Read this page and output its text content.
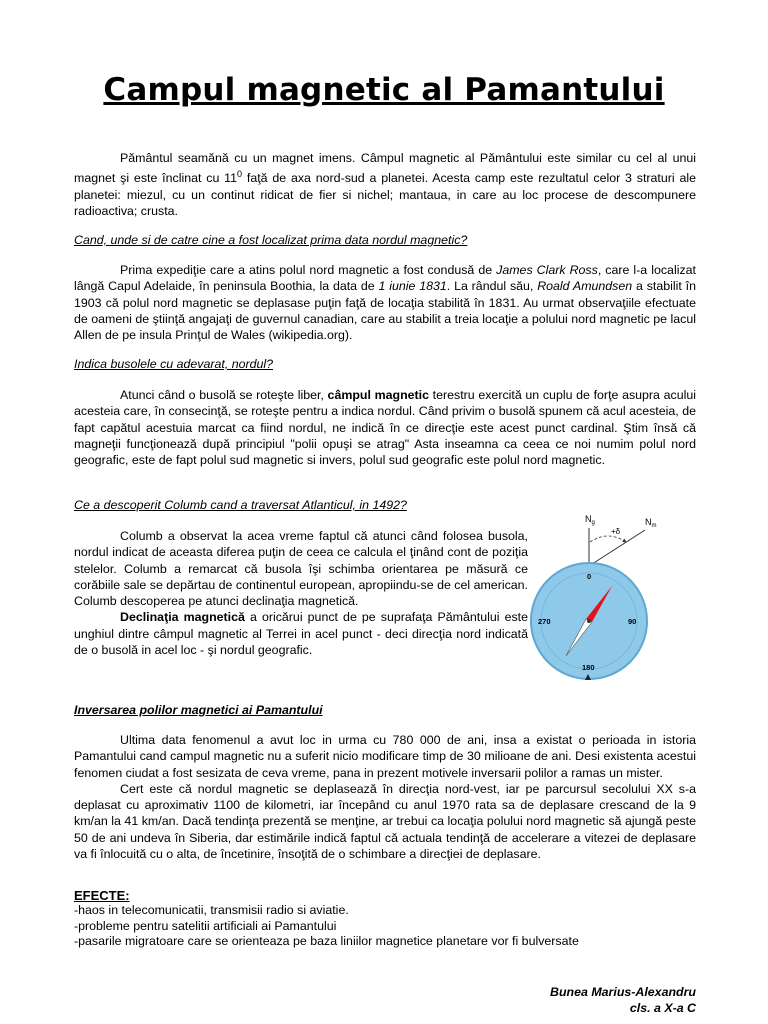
Campul magnetic al Pamantului
Pământul seamănă cu un magnet imens. Câmpul magnetic al Pământului este similar cu cel al unui magnet şi este înclinat cu $11^0$ faţă de axa nord-sud a planetei. Acesta camp este rezultatul celor 3 straturi ale planetei: miezul, cu un continut ridicat de fier si nichel; mantaua, in care au loc procese de descompunere radioactiva; crusta.
Cand, unde si de catre cine a fost localizat prima data nordul magnetic?
Prima expediţie care a atins polul nord magnetic a fost condusă de James Clark Ross, care l-a localizat lângă Capul Adelaide, în peninsula Boothia, la data de 1 iunie 1831. La rândul său, Roald Amundsen a stabilit în 1903 că polul nord magnetic se deplasase puţin faţă de locaţia stabilită în 1831. Au urmat observaţiile efectuate de oameni de ştiinţă angajaţi de guvernul canadian, care au stabilit a treia locaţie a polului nord magnetic pe lacul Allen de pe insula Prinţul de Wales (wikipedia.org).
Indica busolele cu adevarat, nordul?
Atunci când o busolă se roteşte liber, câmpul magnetic terestru exercită un cuplu de forţe asupra acului acesteia care, în consecinţă, se roteşte pentru a indica nordul. Când privim o busolă spunem că acul acesteia, de fapt capătul acestuia marcat ca fiind nordul, ne indică în ce direcţie este acest punct cardinal. Ştim însă că magneţii funcţionează după principiul "polii opuşi se atrag" Asta inseamna ca ceea ce noi numim polul nord geografic, este de fapt polul sud magnetic si invers, polul sud geografic este polul nord magnetic.
Ce a descoperit Columb cand a traversat Atlanticul, in 1492?
Columb a observat la acea vreme faptul că atunci când folosea busola, nordul indicat de aceasta diferea puţin de ceea ce calcula el ţinând cont de poziţia stelelor. Columb a remarcat că busola îşi schimba orientarea pe măsură ce corăbiile sale se depărtau de continentul european, apropiindu-se de cel american. Columb descoperea pe atunci declinaţia magnetică.
Declinaţia magnetică a oricărui punct de pe suprafaţa Pământului este unghiul dintre câmpul magnetic al Terrei in acel punct - deci direcţia nord indicată de o busolă in acel loc - şi nordul geografic.
$N_g$	$N_m$
+δ
0
90
180
270
Inversarea polilor magnetici ai Pamantului
Ultima data fenomenul a avut loc in urma cu 780 000 de ani, insa a existat o perioada in istoria Pamantului cand campul magnetic nu a suferit nicio modificare timp de 30 milioane de ani. Desi existenta acestui fenomen ciudat a fost sesizata de ceva vreme, pana in prezent motivele inversarii polilor a ramas un mister.
Cert este că nordul magnetic se deplasează în direcţia nord-vest, iar pe parcursul secolului XX s-a deplasat cu aproximativ 1100 de kilometri, iar începând cu anul 1970 rata sa de deplasare crescand de la 9 km/an la 41 km/an. Dacă tendinţa prezentă se menţine, ar trebui ca locaţia polului nord magnetic să ajungă peste 50 de ani undeva în Siberia, dar estimările indică faptul că actuala tendinţă de accelerare a vitezei de deplasare va fi înlocuită cu o alta, de încetinire, însoţită de o schimbare a direcţiei de deplasare.
EFECTE:
-haos in telecomunicatii, transmisii radio si aviatie.
-probleme pentru satelitii artificiali ai Pamantului
-pasarile migratoare care se orienteaza pe baza liniilor magnetice planetare vor fi bulversate
Bunea Marius-Alexandru
cls. a X-a C
